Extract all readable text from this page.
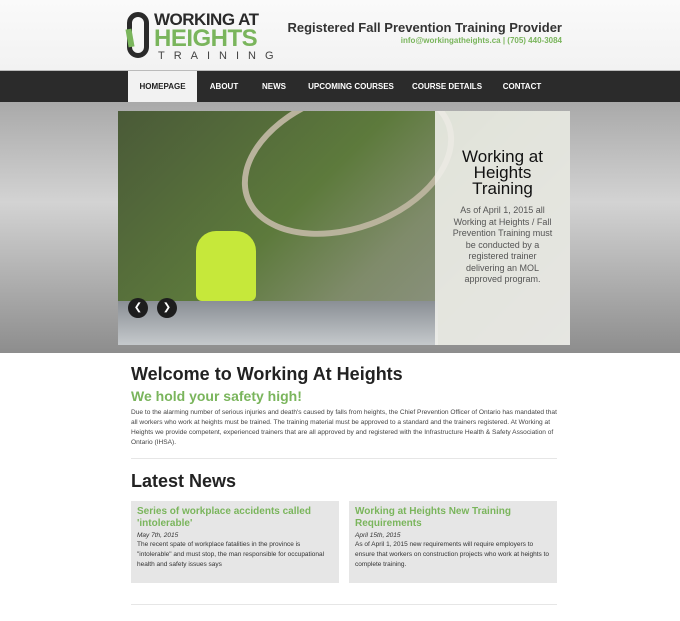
WORKING AT
HEIGHTS
TRAINING
Registered Fall Prevention Training Provider
info@workingatheights.ca | (705) 440-3084
HOMEPAGE	ABOUT	NEWS	UPCOMING COURSES	COURSE DETAILS	CONTACT
Working at Heights Training

As of April 1, 2015 all Working at Heights / Fall Prevention Training must be conducted by a registered trainer delivering an MOL approved program.

❮	❯
Welcome to Working At Heights
We hold your safety high!

Due to the alarming number of serious injuries and death's caused by falls from heights, the Chief Prevention Officer of Ontario has mandated that all workers who work at heights must be trained. The training material must be approved to a standard and the trainers registered. At Working at Heights we provide competent, experienced trainers that are all approved by and registered with the Infrastructure Health & Safety Association of Ontario (IHSA).

Latest News
Series of workplace accidents called 'intolerable'
May 7th, 2015

The recent spate of workplace fatalities in the province is "intolerable" and must stop, the man responsible for occupational health and safety issues says

Working at Heights New Training Requirements
April 15th, 2015

As of April 1, 2015 new requirements will require employers to ensure that workers on construction projects who work at heights to complete training.
